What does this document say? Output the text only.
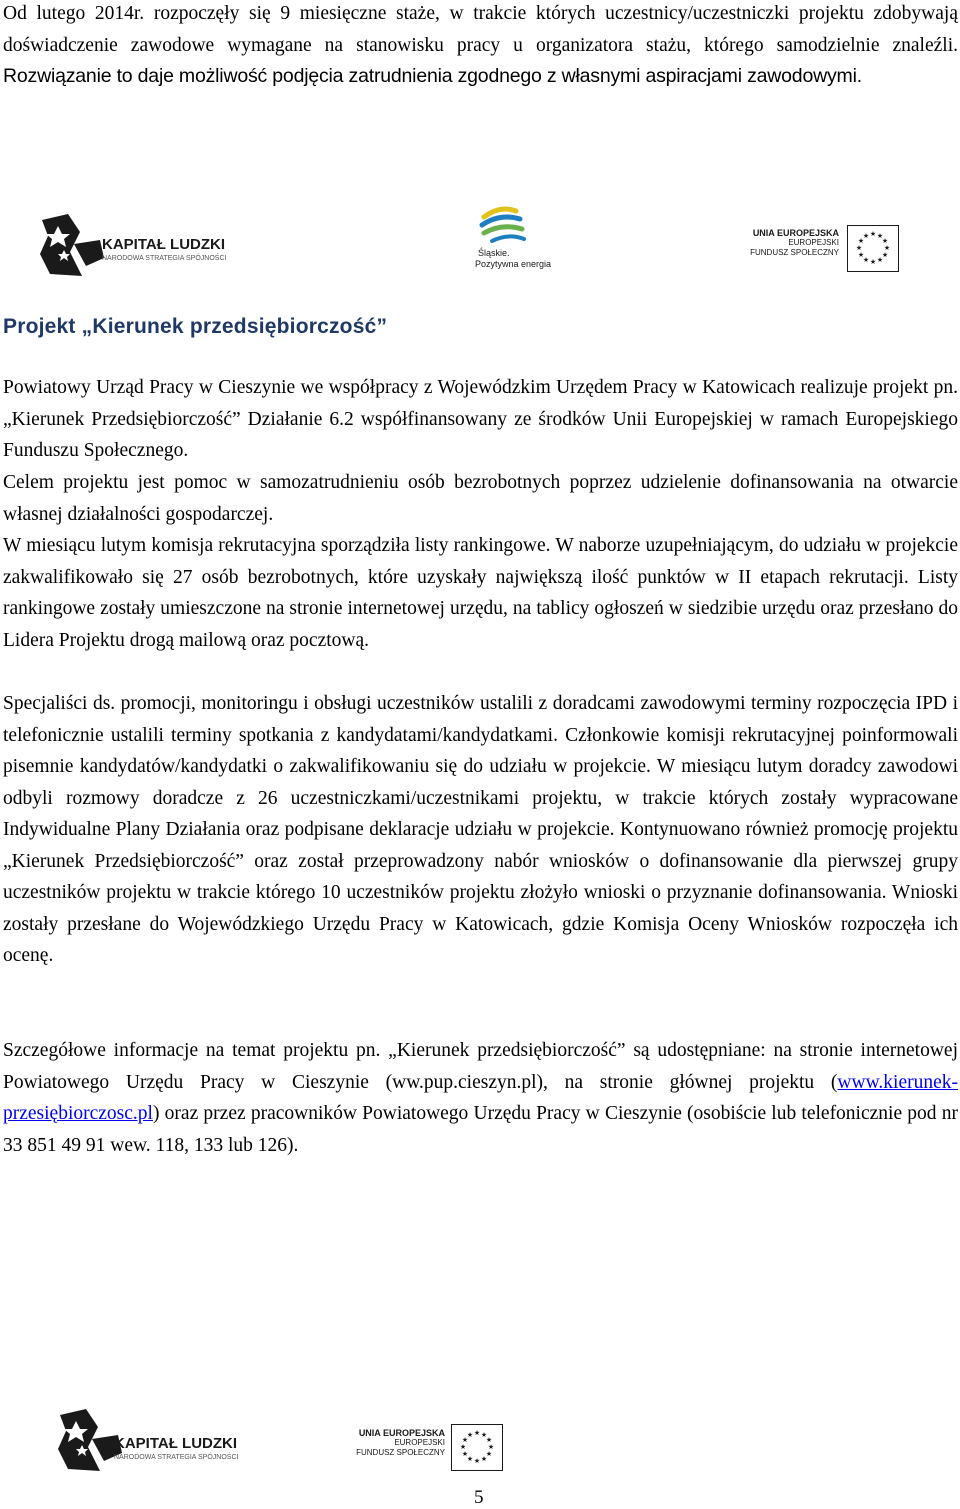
Od lutego 2014r. rozpoczęły się 9 miesięczne staże, w trakcie których uczestnicy/uczestniczki projektu zdobywają doświadczenie zawodowe wymagane na stanowisku pracy u organizatora stażu, którego samodzielnie znaleźli. Rozwiązanie to daje możliwość podjęcia zatrudnienia zgodnego z własnymi aspiracjami zawodowymi.

KAPITAŁ LUDZKI
NARODOWA STRATEGIA SPÓJNOŚCI
Śląskie.
Pozytywna energia
UNIA EUROPEJSKA
EUROPEJSKI
FUNDUSZ SPOŁECZNY
★ ★
★
★
★
★
★
★
★
★
★
★
Projekt „Kierunek przedsiębiorczość”

Powiatowy Urząd Pracy w Cieszynie we współpracy z Wojewódzkim Urzędem Pracy w Katowicach realizuje projekt pn. „Kierunek Przedsiębiorczość” Działanie 6.2 współfinansowany ze środków Unii Europejskiej w ramach Europejskiego Funduszu Społecznego.

Celem projektu jest pomoc w samozatrudnieniu osób bezrobotnych poprzez udzielenie dofinansowania na otwarcie własnej działalności gospodarczej.

W miesiącu lutym komisja rekrutacyjna sporządziła listy rankingowe. W naborze uzupełniającym, do udziału w projekcie zakwalifikowało się 27 osób bezrobotnych, które uzyskały największą ilość punktów w II etapach rekrutacji. Listy rankingowe zostały umieszczone na stronie internetowej urzędu, na tablicy ogłoszeń w siedzibie urzędu oraz przesłano do Lidera Projektu drogą mailową oraz pocztową.

Specjaliści ds. promocji, monitoringu i obsługi uczestników ustalili z doradcami zawodowymi terminy rozpoczęcia IPD i telefonicznie ustalili terminy spotkania z kandydatami/kandydatkami. Członkowie komisji rekrutacyjnej poinformowali pisemnie kandydatów/kandydatki o zakwalifikowaniu się do udziału w projekcie. W miesiącu lutym doradcy zawodowi odbyli rozmowy doradcze z 26 uczestniczkami/uczestnikami projektu, w trakcie których zostały wypracowane Indywidualne Plany Działania oraz podpisane deklaracje udziału w projekcie. Kontynuowano również promocję projektu „Kierunek Przedsiębiorczość” oraz został przeprowadzony nabór wniosków o dofinansowanie dla pierwszej grupy uczestników projektu w trakcie którego 10 uczestników projektu złożyło wnioski o przyznanie dofinansowania. Wnioski zostały przesłane do Wojewódzkiego Urzędu Pracy w Katowicach, gdzie Komisja Oceny Wniosków rozpoczęła ich ocenę.

Szczegółowe informacje na temat projektu pn. „Kierunek przedsiębiorczość” są udostępniane: na stronie internetowej Powiatowego Urzędu Pracy w Cieszynie (ww.pup.cieszyn.pl), na stronie głównej projektu (www.kierunek-przesiębiorczosc.pl) oraz przez pracowników Powiatowego Urzędu Pracy w Cieszynie (osobiście lub telefonicznie pod nr 33 851 49 91 wew. 118, 133 lub 126).

KAPITAŁ LUDZKI
NARODOWA STRATEGIA SPÓJNOŚCI
UNIA EUROPEJSKA
EUROPEJSKI
FUNDUSZ SPOŁECZNY
★ ★
★
★
★
★
★
★
★
★
★
★
5
